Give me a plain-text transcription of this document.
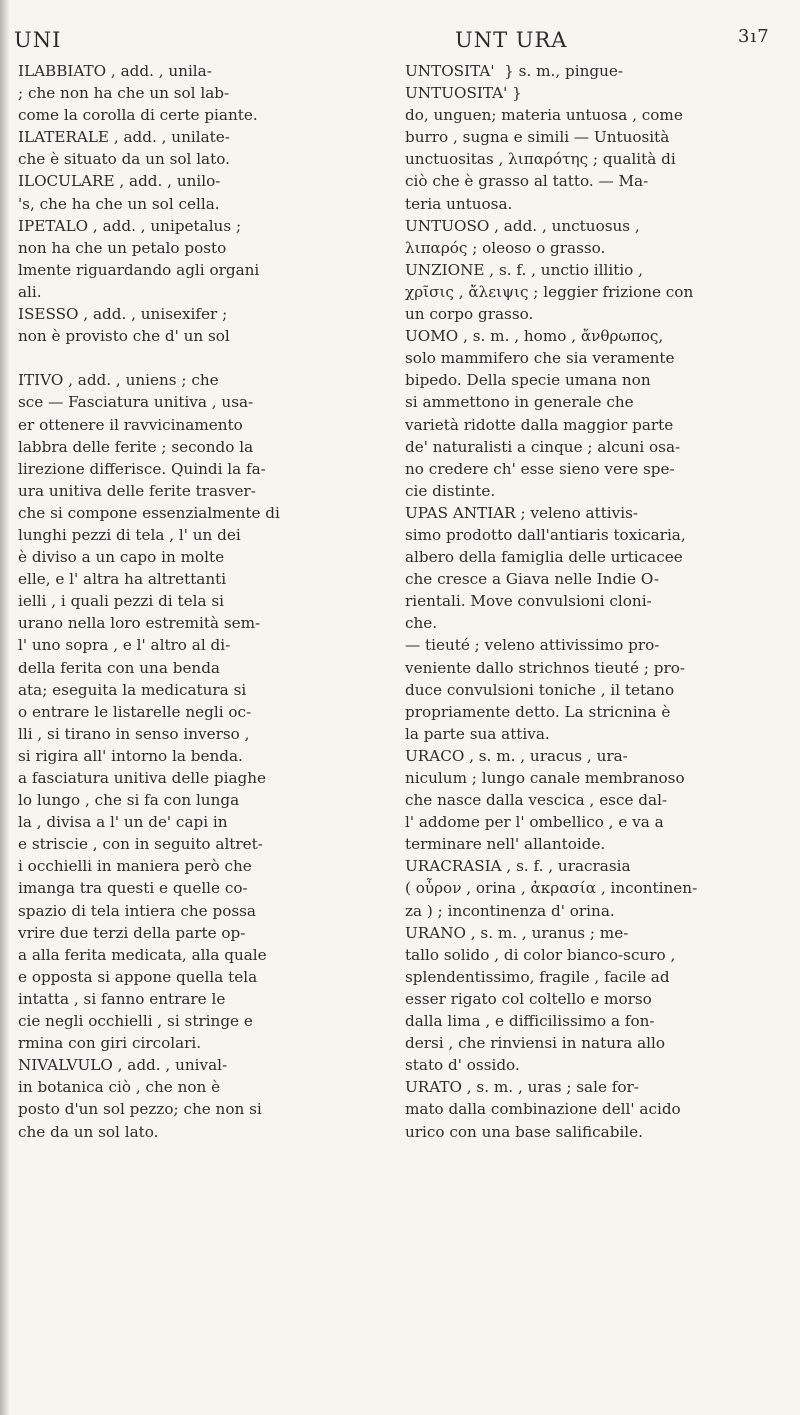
UNI	UNT URA	3ı7
ILABBIATO , add. , unila-
; che non ha che un sol lab-
come la corolla di certe piante.
ILATERALE , add. , unilate-
che è situato da un sol lato.
ILOCULARE , add. , unilo-
's, che ha che un sol cella.
IPETALO , add. , unipetalus ;
non ha che un petalo posto
lmente riguardando agli organi
ali.
ISESSO , add. , unisexifer ;
non è provisto che d' un sol
ITIVO , add. , uniens ; che
sce — Fasciatura unitiva , usa-
er ottenere il ravvicinamento
labbra delle ferite ; secondo la
lirezione differisce. Quindi la fa-
ura unitiva delle ferite trasver-
che si compone essenzialmente di
lunghi pezzi di tela , l' un dei
è diviso a un capo in molte
elle, e l' altra ha altrettanti
ielli , i quali pezzi di tela si
urano nella loro estremità sem-
l' uno sopra , e l' altro al di-
della ferita con una benda
ata; eseguita la medicatura si
o entrare le listarelle negli oc-
lli , si tirano in senso inverso ,
si rigira all' intorno la benda.
a fasciatura unitiva delle piaghe
lo lungo , che si fa con lunga
la , divisa a l' un de' capi in
e striscie , con in seguito altret-
i occhielli in maniera però che
imanga tra questi e quelle co-
spazio di tela intiera che possa
vrire due terzi della parte op-
a alla ferita medicata, alla quale
e opposta si appone quella tela
intatta , si fanno entrare le
cie negli occhielli , si stringe e
rmina con giri circolari.
NIVALVULO , add. , unival-
in botanica ciò , che non è
posto d'un sol pezzo; che non si
che da un sol lato.
UNTOSITA'  } s. m., pingue-
UNTUOSITA' }
do, unguen; materia untuosa , come
burro , sugna e simili — Untuosità
unctuositas , λιπαρότης ; qualità di
ciò che è grasso al tatto. — Ma-
teria untuosa.
UNTUOSO , add. , unctuosus ,
λιπαρός ; oleoso o grasso.
UNZIONE , s. f. , unctio illitio ,
χρῖσις , ἄλειψις ; leggier frizione con
un corpo grasso.
UOMO , s. m. , homo , ἄνθρωπος,
solo mammifero che sia veramente
bipedo. Della specie umana non
si ammettono in generale che
varietà ridotte dalla maggior parte
de' naturalisti a cinque ; alcuni osa-
no credere ch' esse sieno vere spe-
cie distinte.
UPAS ANTIAR ; veleno attivis-
simo prodotto dall'antiaris toxicaria,
albero della famiglia delle urticacee
che cresce a Giava nelle Indie O-
rientali. Move convulsioni cloni-
che.
— tieuté ; veleno attivissimo pro-
veniente dallo strichnos tieuté ; pro-
duce convulsioni toniche , il tetano
propriamente detto. La stricnina è
la parte sua attiva.
URACO , s. m. , uracus , ura-
niculum ; lungo canale membranoso
che nasce dalla vescica , esce dal-
l' addome per l' ombellico , e va a
terminare nell' allantoide.
URACRASIA , s. f. , uracrasia
( οὖρον , orina , ἀκρασία , incontinen-
za ) ; incontinenza d' orina.
URANO , s. m. , uranus ; me-
tallo solido , di color bianco-scuro ,
splendentissimo, fragile , facile ad
esser rigato col coltello e morso
dalla lima , e difficilissimo a fon-
dersi , che rinviensi in natura allo
stato d' ossido.
URATO , s. m. , uras ; sale for-
mato dalla combinazione dell' acido
urico con una base salificabile.
